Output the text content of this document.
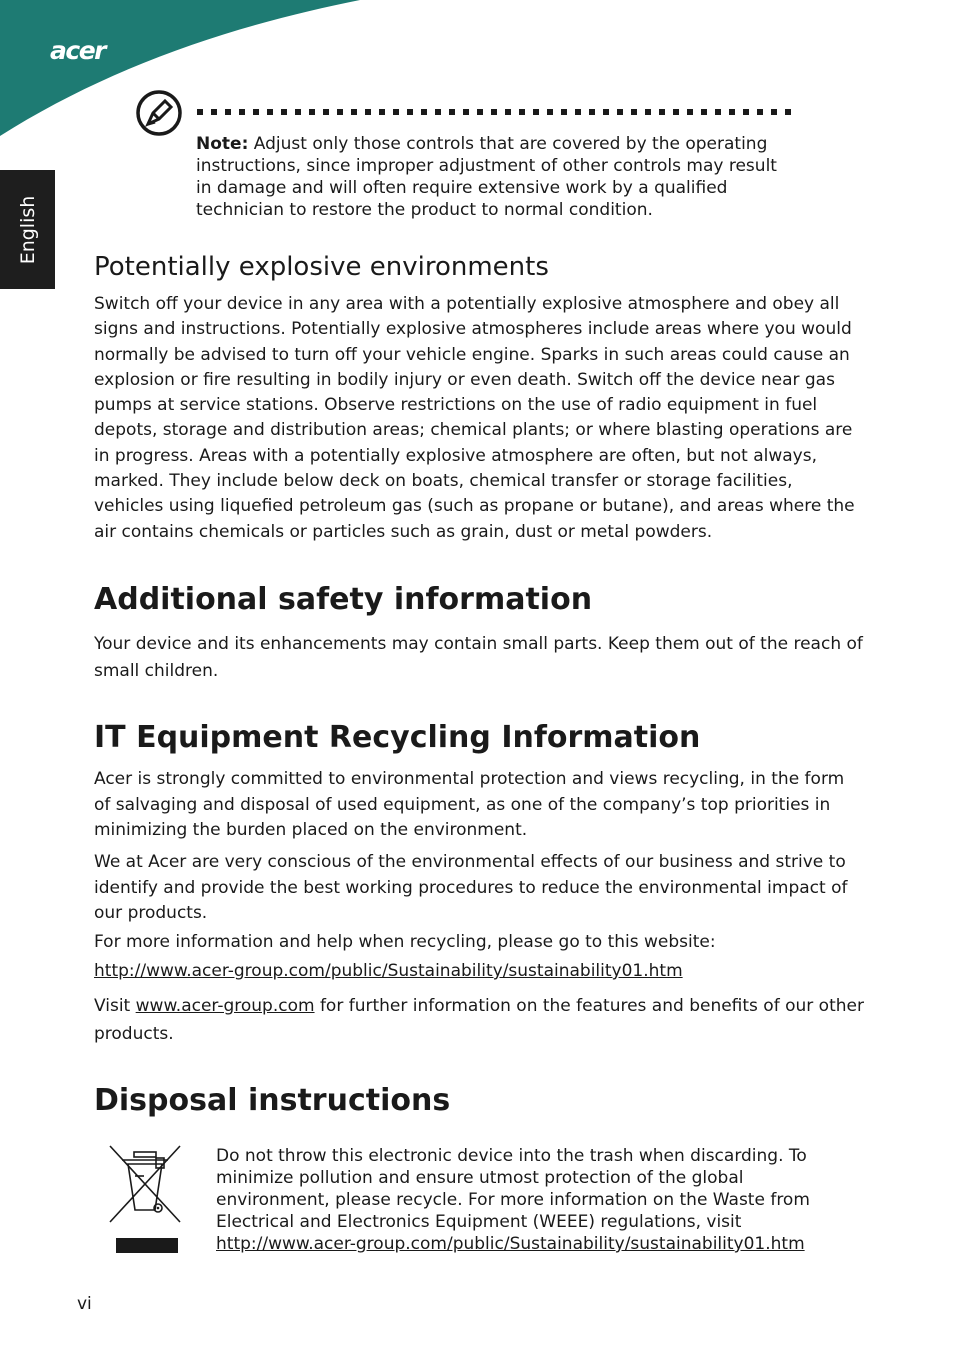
acer
English
Note: Adjust only those controls that are covered by the operating instructions, since improper adjustment of other controls may result in damage and will often require extensive work by a qualified technician to restore the product to normal condition.
Potentially explosive environments

Switch off your device in any area with a potentially explosive atmosphere and obey all signs and instructions. Potentially explosive atmospheres include areas where you would normally be advised to turn off your vehicle engine. Sparks in such areas could cause an explosion or fire resulting in bodily injury or even death. Switch off the device near gas pumps at service stations. Observe restrictions on the use of radio equipment in fuel depots, storage and distribution areas; chemical plants; or where blasting operations are in progress. Areas with a potentially explosive atmosphere are often, but not always, marked. They include below deck on boats, chemical transfer or storage facilities, vehicles using liquefied petroleum gas (such as propane or butane), and areas where the air contains chemicals or particles such as grain, dust or metal powders.

Additional safety information

Your device and its enhancements may contain small parts. Keep them out of the reach of small children.

IT Equipment Recycling Information

Acer is strongly committed to environmental protection and views recycling, in the form of salvaging and disposal of used equipment, as one of the company’s top priorities in minimizing the burden placed on the environment.

We at Acer are very conscious of the environmental effects of our business and strive to identify and provide the best working procedures to reduce the environmental impact of our products.

For more information and help when recycling, please go to this website:

http://www.acer-group.com/public/Sustainability/sustainability01.htm

Visit www.acer-group.com for further information on the features and benefits of our other products.

Disposal instructions
Do not throw this electronic device into the trash when discarding. To minimize pollution and ensure utmost protection of the global environment, please recycle. For more information on the Waste from Electrical and Electronics Equipment (WEEE) regulations, visit
http://www.acer-group.com/public/Sustainability/sustainability01.htm
vi
